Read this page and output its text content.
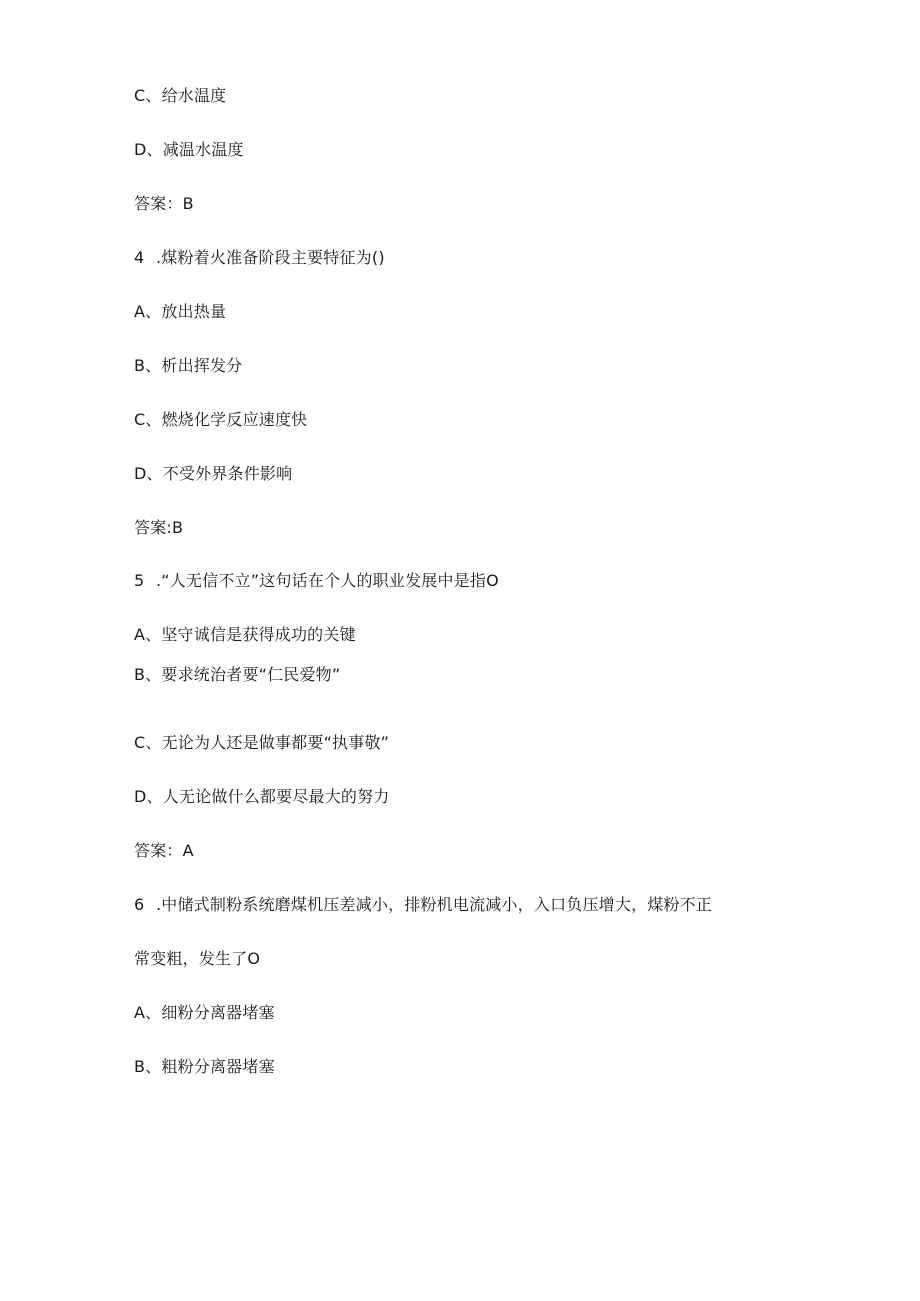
C、给水温度
D、减温水温度
答案：B
4 .煤粉着火准备阶段主要特征为()
A、放出热量
B、析出挥发分
C、燃烧化学反应速度快
D、不受外界条件影响
答案:B
5 .“人无信不立”这句话在个人的职业发展中是指O
A、坚守诚信是获得成功的关键
B、要求统治者要“仁民爱物”
C、无论为人还是做事都要“执事敬”
D、人无论做什么都要尽最大的努力
答案：A
6 .中储式制粉系统磨煤机压差减小，排粉机电流减小，入口负压增大，煤粉不正
常变粗，发生了O
A、细粉分离器堵塞
B、粗粉分离器堵塞
